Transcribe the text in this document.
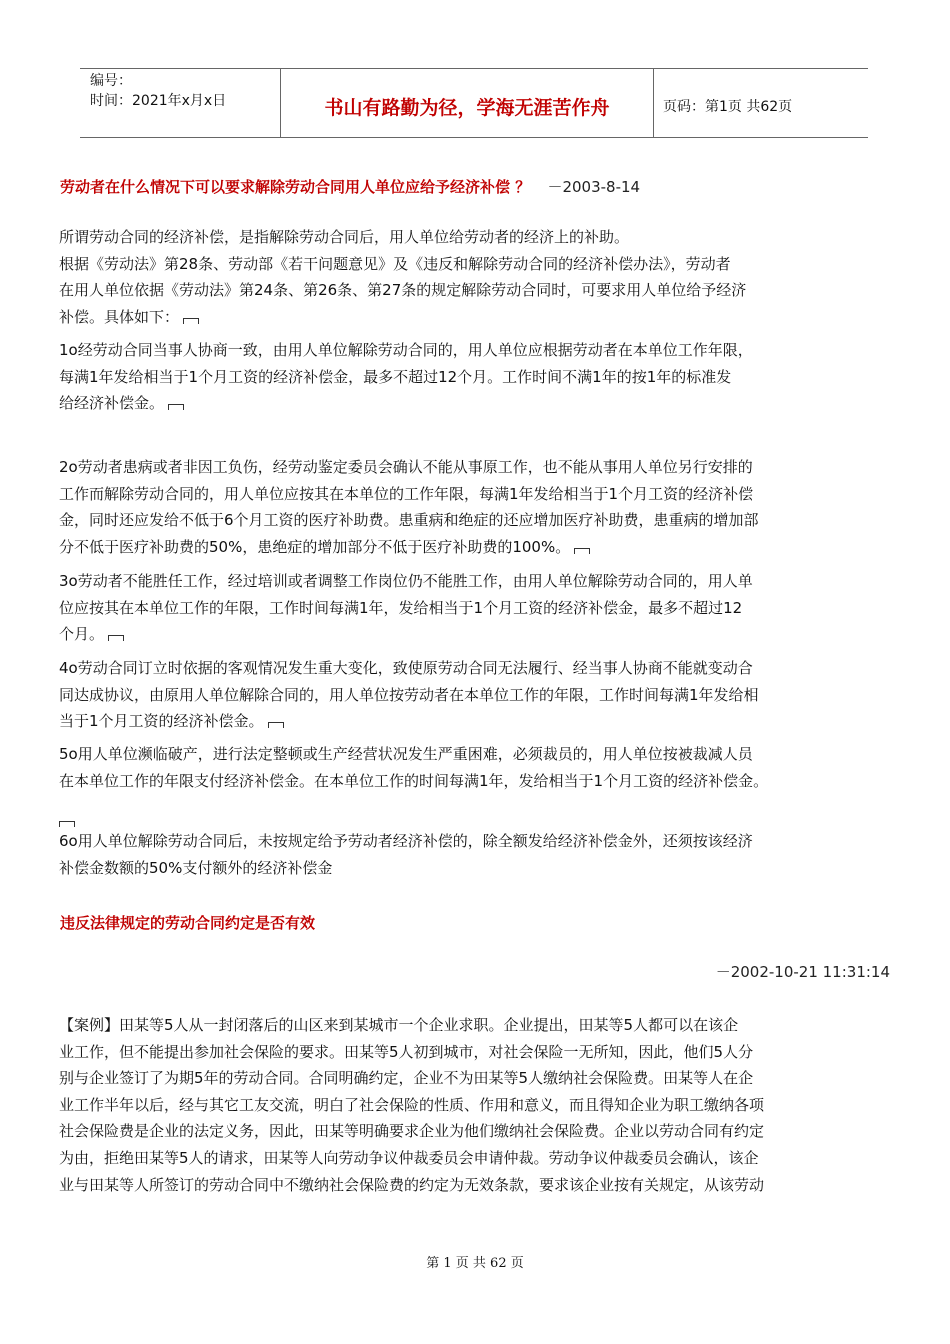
编号：
时间：2021年x月x日	书山有路勤为径，学海无涯苦作舟	页码：第1页 共62页
劳动者在什么情况下可以要求解除劳动合同用人单位应给予经济补偿 ？ －2003-8-14
所谓劳动合同的经济补偿，是指解除劳动合同后，用人单位给劳动者的经济上的补助。
根据《劳动法》第28条、劳动部《若干问题意见》及《违反和解除劳动合同的经济补偿办法》，劳动者
在用人单位依据《劳动法》第24条、第26条、第27条的规定解除劳动合同时，可要求用人单位给予经济
补偿。具体如下：
1o经劳动合同当事人协商一致，由用人单位解除劳动合同的，用人单位应根据劳动者在本单位工作年限，
每满1年发给相当于1个月工资的经济补偿金，最多不超过12个月。工作时间不满1年的按1年的标准发
给经济补偿金。
2o劳动者患病或者非因工负伤，经劳动鉴定委员会确认不能从事原工作，也不能从事用人单位另行安排的
工作而解除劳动合同的，用人单位应按其在本单位的工作年限，每满1年发给相当于1个月工资的经济补偿
金，同时还应发给不低于6个月工资的医疗补助费。患重病和绝症的还应增加医疗补助费，患重病的增加部
分不低于医疗补助费的50%，患绝症的增加部分不低于医疗补助费的100%。
3o劳动者不能胜任工作，经过培训或者调整工作岗位仍不能胜工作，由用人单位解除劳动合同的，用人单
位应按其在本单位工作的年限，工作时间每满1年，发给相当于1个月工资的经济补偿金，最多不超过12
个月。
4o劳动合同订立时依据的客观情况发生重大变化，致使原劳动合同无法履行、经当事人协商不能就变动合
同达成协议，由原用人单位解除合同的，用人单位按劳动者在本单位工作的年限，工作时间每满1年发给相
当于1个月工资的经济补偿金。
5o用人单位濒临破产，进行法定整顿或生产经营状况发生严重困难，必须裁员的，用人单位按被裁减人员
在本单位工作的年限支付经济补偿金。在本单位工作的时间每满1年，发给相当于1个月工资的经济补偿金。
6o用人单位解除劳动合同后，未按规定给予劳动者经济补偿的，除全额发给经济补偿金外，还须按该经济
补偿金数额的50%支付额外的经济补偿金
违反法律规定的劳动合同约定是否有效
－2002-10-21 11:31:14
【案例】田某等5人从一封闭落后的山区来到某城市一个企业求职。企业提出，田某等5人都可以在该企
业工作，但不能提出参加社会保险的要求。田某等5人初到城市，对社会保险一无所知，因此，他们5人分
别与企业签订了为期5年的劳动合同。合同明确约定，企业不为田某等5人缴纳社会保险费。田某等人在企
业工作半年以后，经与其它工友交流，明白了社会保险的性质、作用和意义，而且得知企业为职工缴纳各项
社会保险费是企业的法定义务，因此，田某等明确要求企业为他们缴纳社会保险费。企业以劳动合同有约定
为由，拒绝田某等5人的请求，田某等人向劳动争议仲裁委员会申请仲裁。劳动争议仲裁委员会确认，该企
业与田某等人所签订的劳动合同中不缴纳社会保险费的约定为无效条款，要求该企业按有关规定，从该劳动
第 1 页 共 62 页
